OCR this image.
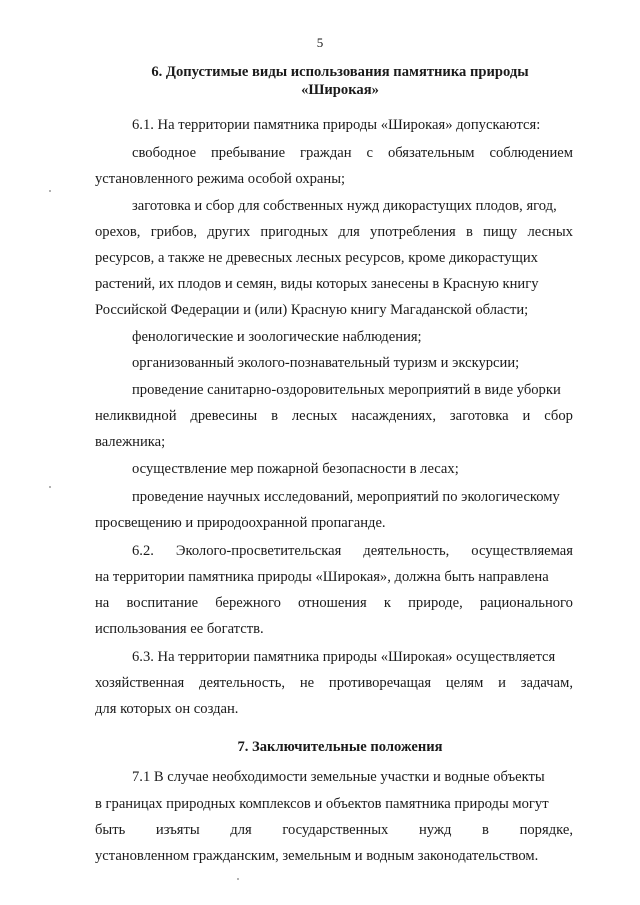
5
6. Допустимые виды использования памятника природы
«Широкая»
6.1. На территории памятника природы «Широкая» допускаются:
свободное пребывание граждан с обязательным соблюдением
установленного режима особой охраны;
заготовка и сбор для собственных нужд дикорастущих плодов, ягод,
орехов, грибов, других пригодных для употребления в пищу лесных
ресурсов, а также не древесных лесных ресурсов, кроме дикорастущих
растений, их плодов и семян, виды которых занесены в Красную книгу
Российской Федерации и (или) Красную книгу Магаданской области;
фенологические и зоологические наблюдения;
организованный эколого-познавательный туризм и экскурсии;
проведение санитарно-оздоровительных мероприятий в виде уборки
неликвидной древесины в лесных насаждениях, заготовка и сбор
валежника;
осуществление мер пожарной безопасности в лесах;
проведение научных исследований, мероприятий по экологическому
просвещению и природоохранной пропаганде.
6.2. Эколого-просветительская деятельность, осуществляемая
на территории памятника природы «Широкая», должна быть направлена
на воспитание бережного отношения к природе, рационального
использования ее богатств.
6.3. На территории памятника природы «Широкая» осуществляется
хозяйственная деятельность, не противоречащая целям и задачам,
для которых он создан.
7. Заключительные положения
7.1 В случае необходимости земельные участки и водные объекты
в границах природных комплексов и объектов памятника природы могут
быть изъяты для государственных нужд в порядке,
установленном гражданским, земельным и водным законодательством.
